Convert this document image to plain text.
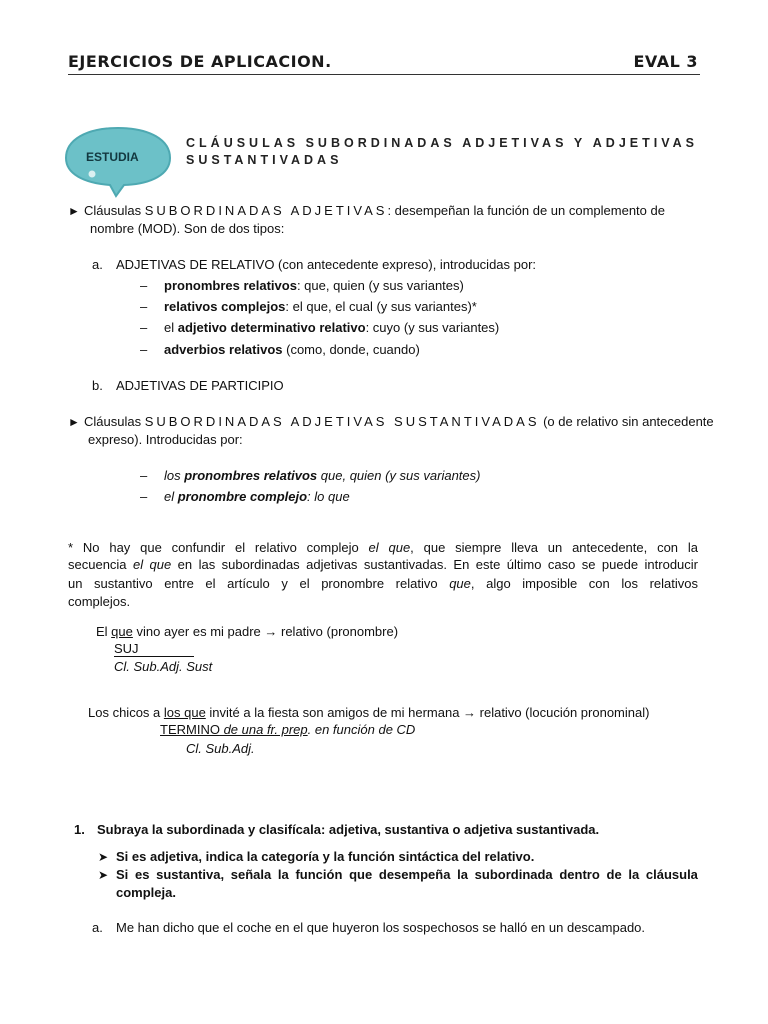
EJERCICIOS DE APLICACION.	EVAL 3
ESTUDIA
CLÁUSULAS SUBORDINADAS ADJETIVAS Y ADJETIVAS
SUSTANTIVADAS
► Cláusulas SUBORDINADAS ADJETIVAS: desempeñan la función de un complemento de
nombre (MOD). Son de dos tipos:
a. ADJETIVAS DE RELATIVO (con antecedente expreso), introducidas por:
– pronombres relativos: que, quien (y sus variantes)
– relativos complejos: el que, el cual (y sus variantes)*
– el adjetivo determinativo relativo: cuyo (y sus variantes)
– adverbios relativos (como, donde, cuando)
b. ADJETIVAS DE PARTICIPIO
► Cláusulas SUBORDINADAS ADJETIVAS SUSTANTIVADAS (o de relativo sin antecedente
expreso). Introducidas por:
– los pronombres relativos que, quien (y sus variantes)
– el pronombre complejo: lo que
* No hay que confundir el relativo complejo el que, que siempre lleva un antecedente, con la
secuencia el que en las subordinadas adjetivas sustantivadas. En este último caso se puede introducir
un sustantivo entre el artículo y el pronombre relativo que, algo imposible con los relativos
complejos.
El que vino ayer es mi padre → relativo (pronombre)
SUJ
Cl. Sub.Adj. Sust
Los chicos a los que invité a la fiesta son amigos de mi hermana → relativo (locución pronominal)
TERMINO de una fr. prep. en función de CD
Cl. Sub.Adj.
1. Subraya la subordinada y clasifícala: adjetiva, sustantiva o adjetiva sustantivada.
➤ Si es adjetiva, indica la categoría y la función sintáctica del relativo.
➤ Si es sustantiva, señala la función que desempeña la subordinada dentro de la cláusula
compleja.
a. Me han dicho que el coche en el que huyeron los sospechosos se halló en un descampado.
